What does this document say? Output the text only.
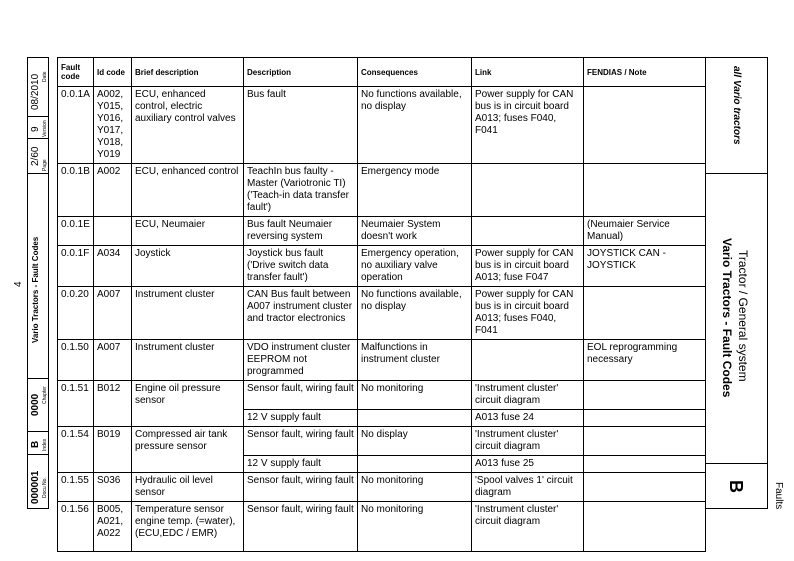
4
Date
08/2010
Version
9
Page
2/60
Vario Tractors - Fault Codes
Chapter
0000
Index
B
Docu No.
000001
Fault code	Id code	Brief description	Description	Consequences	Link	FENDIAS / Note
0.0.1A	A002, Y015, Y016, Y017, Y018, Y019	ECU, enhanced control, electric auxiliary control valves	Bus fault	No functions available, no display	Power supply for CAN bus is in circuit board A013; fuses F040, F041	
0.0.1B	A002	ECU, enhanced control	TeachIn bus faulty - Master (Variotronic TI) ('Teach-in data transfer fault')	Emergency mode		
0.0.1E		ECU, Neumaier	Bus fault Neumaier reversing system	Neumaier System doesn't work		(Neumaier Service Manual)
0.0.1F	A034	Joystick	Joystick bus fault ('Drive switch data transfer fault')	Emergency operation, no auxiliary valve operation	Power supply for CAN bus is in circuit board A013; fuse F047	JOYSTICK CAN - JOYSTICK
0.0.20	A007	Instrument cluster	CAN Bus fault between A007 instrument cluster and tractor electronics	No functions available, no display	Power supply for CAN bus is in circuit board A013; fuses F040, F041	
0.1.50	A007	Instrument cluster	VDO instrument cluster EEPROM not programmed	Malfunctions in instrument cluster		EOL reprogramming necessary
0.1.51	B012	Engine oil pressure sensor	Sensor fault, wiring fault	No monitoring	'Instrument cluster' circuit diagram	
			12 V supply fault		A013 fuse 24	
0.1.54	B019	Compressed air tank pressure sensor	Sensor fault, wiring fault	No display	'Instrument cluster' circuit diagram	
			12 V supply fault		A013 fuse 25	
0.1.55	S036	Hydraulic oil level sensor	Sensor fault, wiring fault	No monitoring	'Spool valves 1' circuit diagram	
0.1.56	B005, A021, A022	Temperature sensor engine temp. (=water), (ECU,EDC / EMR)	Sensor fault, wiring fault	No monitoring	'Instrument cluster' circuit diagram	
all Vario tractors
Tractor / General system
Vario Tractors - Fault Codes
B	Faults
